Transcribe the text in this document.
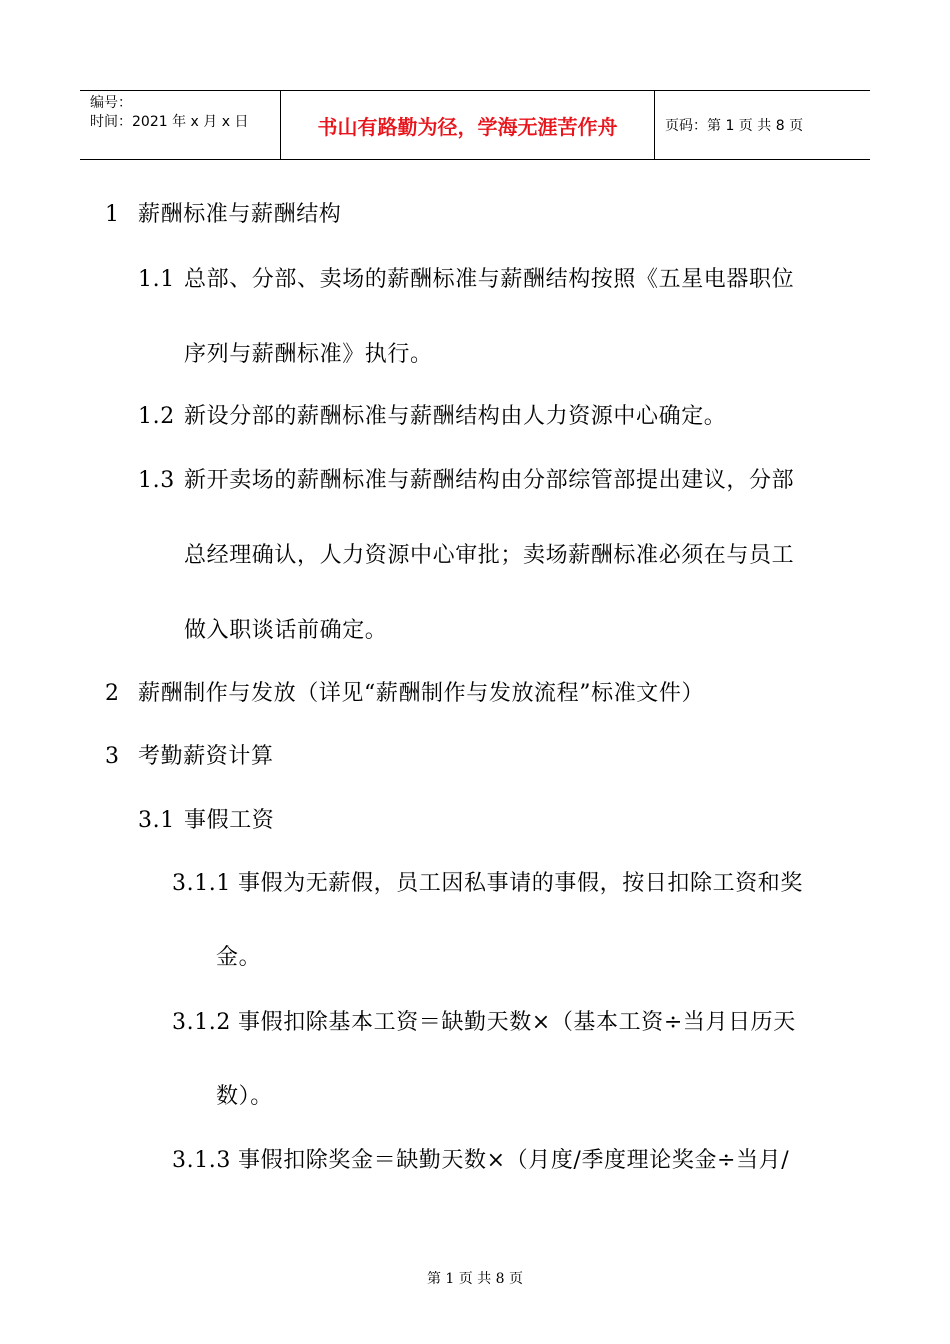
编号：
时间：2021 年 x 月 x 日	书山有路勤为径，学海无涯苦作舟	页码：第 1 页 共 8 页
1 薪酬标准与薪酬结构
1.1 总部、分部、卖场的薪酬标准与薪酬结构按照《五星电器职位
序列与薪酬标准》执行。
1.2 新设分部的薪酬标准与薪酬结构由人力资源中心确定。
1.3 新开卖场的薪酬标准与薪酬结构由分部综管部提出建议，分部
总经理确认，人力资源中心审批；卖场薪酬标准必须在与员工
做入职谈话前确定。
2 薪酬制作与发放（详见“薪酬制作与发放流程”标准文件）
3 考勤薪资计算
3.1 事假工资
3.1.1 事假为无薪假，员工因私事请的事假，按日扣除工资和奖
金。
3.1.2 事假扣除基本工资＝缺勤天数×（基本工资÷当月日历天
数）。
3.1.3 事假扣除奖金＝缺勤天数×（月度/季度理论奖金÷当月/
第 1 页 共 8 页
